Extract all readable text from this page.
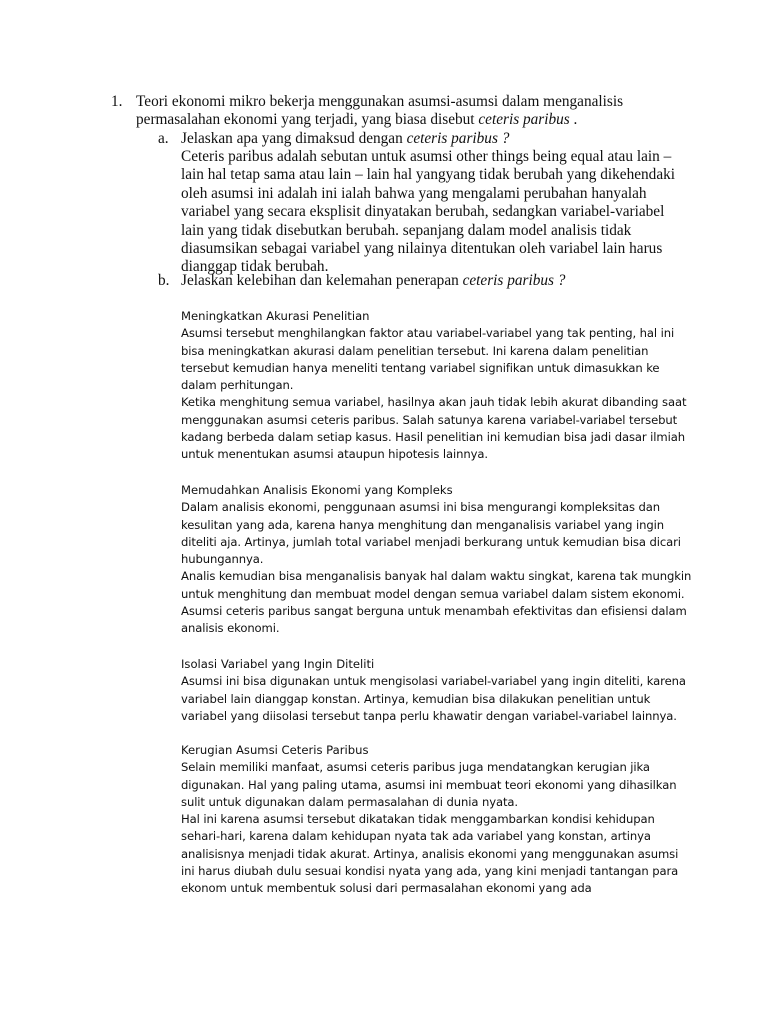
1. Teori ekonomi mikro bekerja menggunakan asumsi-asumsi dalam menganalisis permasalahan ekonomi yang terjadi, yang biasa disebut ceteris paribus .
a. Jelaskan apa yang dimaksud dengan ceteris paribus ?
Ceteris paribus adalah sebutan untuk asumsi other things being equal atau lain –
lain hal tetap sama atau lain – lain hal yangyang tidak berubah yang dikehendaki
oleh asumsi ini adalah ini ialah bahwa yang mengalami perubahan hanyalah
variabel yang secara eksplisit dinyatakan berubah, sedangkan variabel-variabel
lain yang tidak disebutkan berubah. sepanjang dalam model analisis tidak
diasumsikan sebagai variabel yang nilainya ditentukan oleh variabel lain harus
dianggap tidak berubah.
b. Jelaskan kelebihan dan kelemahan penerapan ceteris paribus ?
Meningkatkan Akurasi Penelitian
Asumsi tersebut menghilangkan faktor atau variabel-variabel yang tak penting, hal ini
bisa meningkatkan akurasi dalam penelitian tersebut. Ini karena dalam penelitian
tersebut kemudian hanya meneliti tentang variabel signifikan untuk dimasukkan ke
dalam perhitungan.
Ketika menghitung semua variabel, hasilnya akan jauh tidak lebih akurat dibanding saat
menggunakan asumsi ceteris paribus. Salah satunya karena variabel-variabel tersebut
kadang berbeda dalam setiap kasus. Hasil penelitian ini kemudian bisa jadi dasar ilmiah
untuk menentukan asumsi ataupun hipotesis lainnya.
Memudahkan Analisis Ekonomi yang Kompleks
Dalam analisis ekonomi, penggunaan asumsi ini bisa mengurangi kompleksitas dan
kesulitan yang ada, karena hanya menghitung dan menganalisis variabel yang ingin
diteliti aja. Artinya, jumlah total variabel menjadi berkurang untuk kemudian bisa dicari
hubungannya.
Analis kemudian bisa menganalisis banyak hal dalam waktu singkat, karena tak mungkin
untuk menghitung dan membuat model dengan semua variabel dalam sistem ekonomi.
Asumsi ceteris paribus sangat berguna untuk menambah efektivitas dan efisiensi dalam
analisis ekonomi.
Isolasi Variabel yang Ingin Diteliti
Asumsi ini bisa digunakan untuk mengisolasi variabel-variabel yang ingin diteliti, karena
variabel lain dianggap konstan. Artinya, kemudian bisa dilakukan penelitian untuk
variabel yang diisolasi tersebut tanpa perlu khawatir dengan variabel-variabel lainnya.
Kerugian Asumsi Ceteris Paribus
Selain memiliki manfaat, asumsi ceteris paribus juga mendatangkan kerugian jika
digunakan. Hal yang paling utama, asumsi ini membuat teori ekonomi yang dihasilkan
sulit untuk digunakan dalam permasalahan di dunia nyata.
Hal ini karena asumsi tersebut dikatakan tidak menggambarkan kondisi kehidupan
sehari-hari, karena dalam kehidupan nyata tak ada variabel yang konstan, artinya
analisisnya menjadi tidak akurat. Artinya, analisis ekonomi yang menggunakan asumsi
ini harus diubah dulu sesuai kondisi nyata yang ada, yang kini menjadi tantangan para
ekonom untuk membentuk solusi dari permasalahan ekonomi yang ada
